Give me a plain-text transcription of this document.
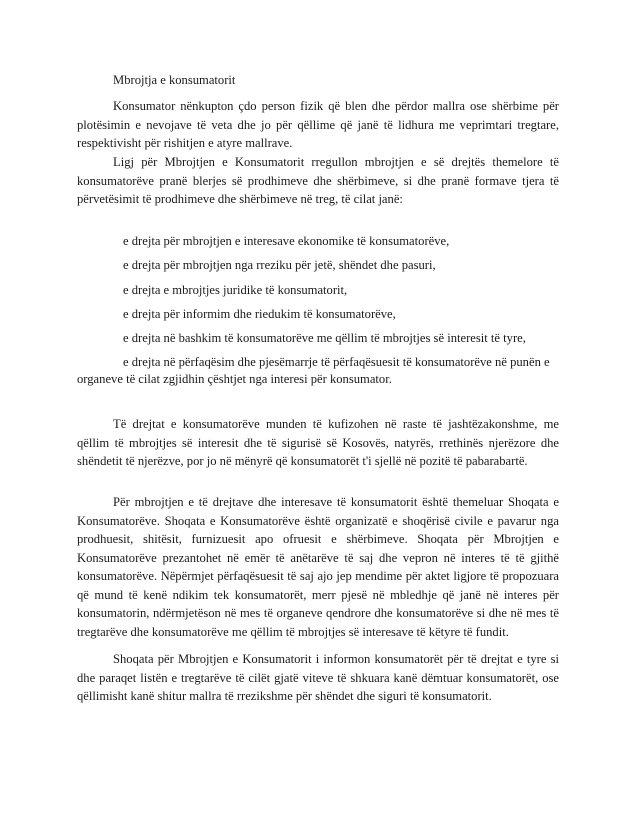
Mbrojtja e konsumatorit

Konsumator nënkupton çdo person fizik që blen dhe përdor mallra ose shërbime për plotësimin e nevojave të veta dhe jo për qëllime që janë të lidhura me veprimtari tregtare, respektivisht për rishitjen e atyre mallrave.

Ligj për Mbrojtjen e Konsumatorit rregullon mbrojtjen e së drejtës themelore të konsumatorëve pranë blerjes së prodhimeve dhe shërbimeve, si dhe pranë formave tjera të përvetësimit të prodhimeve dhe shërbimeve në treg, të cilat janë:

e drejta për mbrojtjen e interesave ekonomike të konsumatorëve,

e drejta për mbrojtjen nga rreziku për jetë, shëndet dhe pasuri,

e drejta e mbrojtjes juridike të konsumatorit,

e drejta për informim dhe riedukim të konsumatorëve,

e drejta në bashkim të konsumatorëve me qëllim të mbrojtjes së interesit të tyre,

e drejta në përfaqësim dhe pjesëmarrje të përfaqësuesit të konsumatorëve në punën e

organeve të cilat zgjidhin çështjet nga interesi për konsumator.

Të drejtat e konsumatorëve munden të kufizohen në raste të jashtëzakonshme, me qëllim të mbrojtjes së interesit dhe të sigurisë së Kosovës, natyrës, rrethinës njerëzore dhe shëndetit të njerëzve, por jo në mënyrë që konsumatorët t'i sjellë në pozitë të pabarabartë.

Për mbrojtjen e të drejtave dhe interesave të konsumatorit është themeluar Shoqata e Konsumatorëve. Shoqata e Konsumatorëve është organizatë e shoqërisë civile e pavarur nga prodhuesit, shitësit, furnizuesit apo ofruesit e shërbimeve. Shoqata për Mbrojtjen e Konsumatorëve prezantohet në emër të anëtarëve të saj dhe vepron në interes të të gjithë konsumatorëve. Nëpërmjet përfaqësuesit të saj ajo jep mendime për aktet ligjore të propozuara që mund të kenë ndikim tek konsumatorët, merr pjesë në mbledhje që janë në interes për konsumatorin, ndërmjetëson në mes të organeve qendrore dhe konsumatorëve si dhe në mes të tregtarëve dhe konsumatorëve me qëllim të mbrojtjes së interesave të këtyre të fundit.

Shoqata për Mbrojtjen e Konsumatorit i informon konsumatorët për të drejtat e tyre si dhe paraqet listën e tregtarëve të cilët gjatë viteve të shkuara kanë dëmtuar konsumatorët, ose qëllimisht kanë shitur mallra të rrezikshme për shëndet dhe siguri të konsumatorit.
